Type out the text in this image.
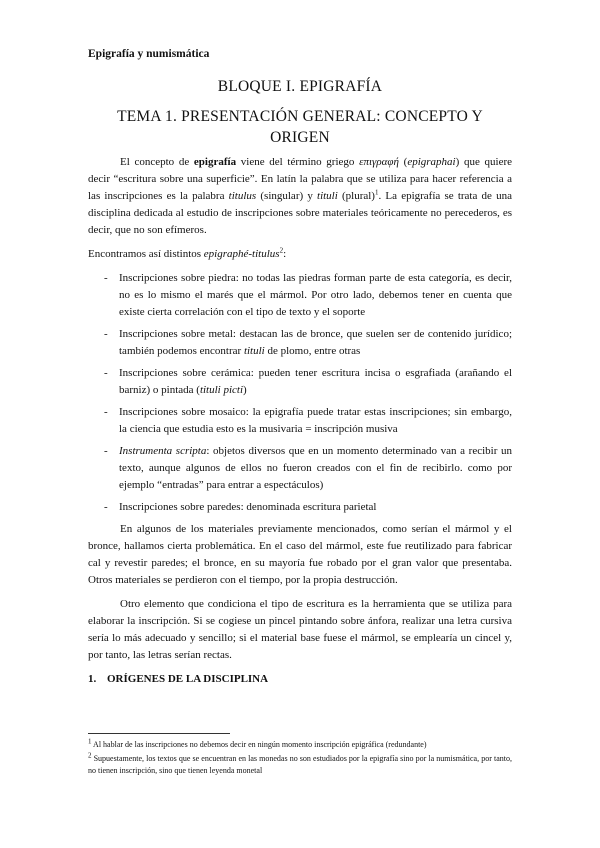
Epigrafía y numismática
BLOQUE I. EPIGRAFÍA
TEMA 1. PRESENTACIÓN GENERAL: CONCEPTO Y ORIGEN

El concepto de epigrafía viene del término griego επιγραφή (epigraphai) que quiere decir “escritura sobre una superficie”. En latín la palabra que se utiliza para hacer referencia a las inscripciones es la palabra titulus (singular) y tituli (plural)$^1$. La epigrafía se trata de una disciplina dedicada al estudio de inscripciones sobre materiales teóricamente no perecederos, es decir, que no son efímeros.

Encontramos así distintos epigraphé-titulus$^2$:

- Inscripciones sobre piedra: no todas las piedras forman parte de esta categoría, es decir, no es lo mismo el marés que el mármol. Por otro lado, debemos tener en cuenta que existe cierta correlación con el tipo de texto y el soporte
- Inscripciones sobre metal: destacan las de bronce, que suelen ser de contenido jurídico; también podemos encontrar tituli de plomo, entre otras
- Inscripciones sobre cerámica: pueden tener escritura incisa o esgrafiada (arañando el barniz) o pintada (tituli picti)
- Inscripciones sobre mosaico: la epigrafía puede tratar estas inscripciones; sin embargo, la ciencia que estudia esto es la musivaria = inscripción musiva
- Instrumenta scripta: objetos diversos que en un momento determinado van a recibir un texto, aunque algunos de ellos no fueron creados con el fin de recibirlo. como por ejemplo “entradas” para entrar a espectáculos)
- Inscripciones sobre paredes: denominada escritura parietal

En algunos de los materiales previamente mencionados, como serían el mármol y el bronce, hallamos cierta problemática. En el caso del mármol, este fue reutilizado para fabricar cal y revestir paredes; el bronce, en su mayoría fue robado por el gran valor que presentaba. Otros materiales se perdieron con el tiempo, por la propia destrucción.

Otro elemento que condiciona el tipo de escritura es la herramienta que se utiliza para elaborar la inscripción. Si se cogiese un pincel pintando sobre ánfora, realizar una letra cursiva sería lo más adecuado y sencillo; si el material base fuese el mármol, se emplearía un cincel y, por tanto, las letras serían rectas.

1. ORÍGENES DE LA DISCIPLINA

$^1$ Al hablar de las inscripciones no debemos decir en ningún momento inscripción epigráfica (redundante)

$^2$ Supuestamente, los textos que se encuentran en las monedas no son estudiados por la epigrafía sino por la numismática, por tanto, no tienen inscripción, sino que tienen leyenda monetal
